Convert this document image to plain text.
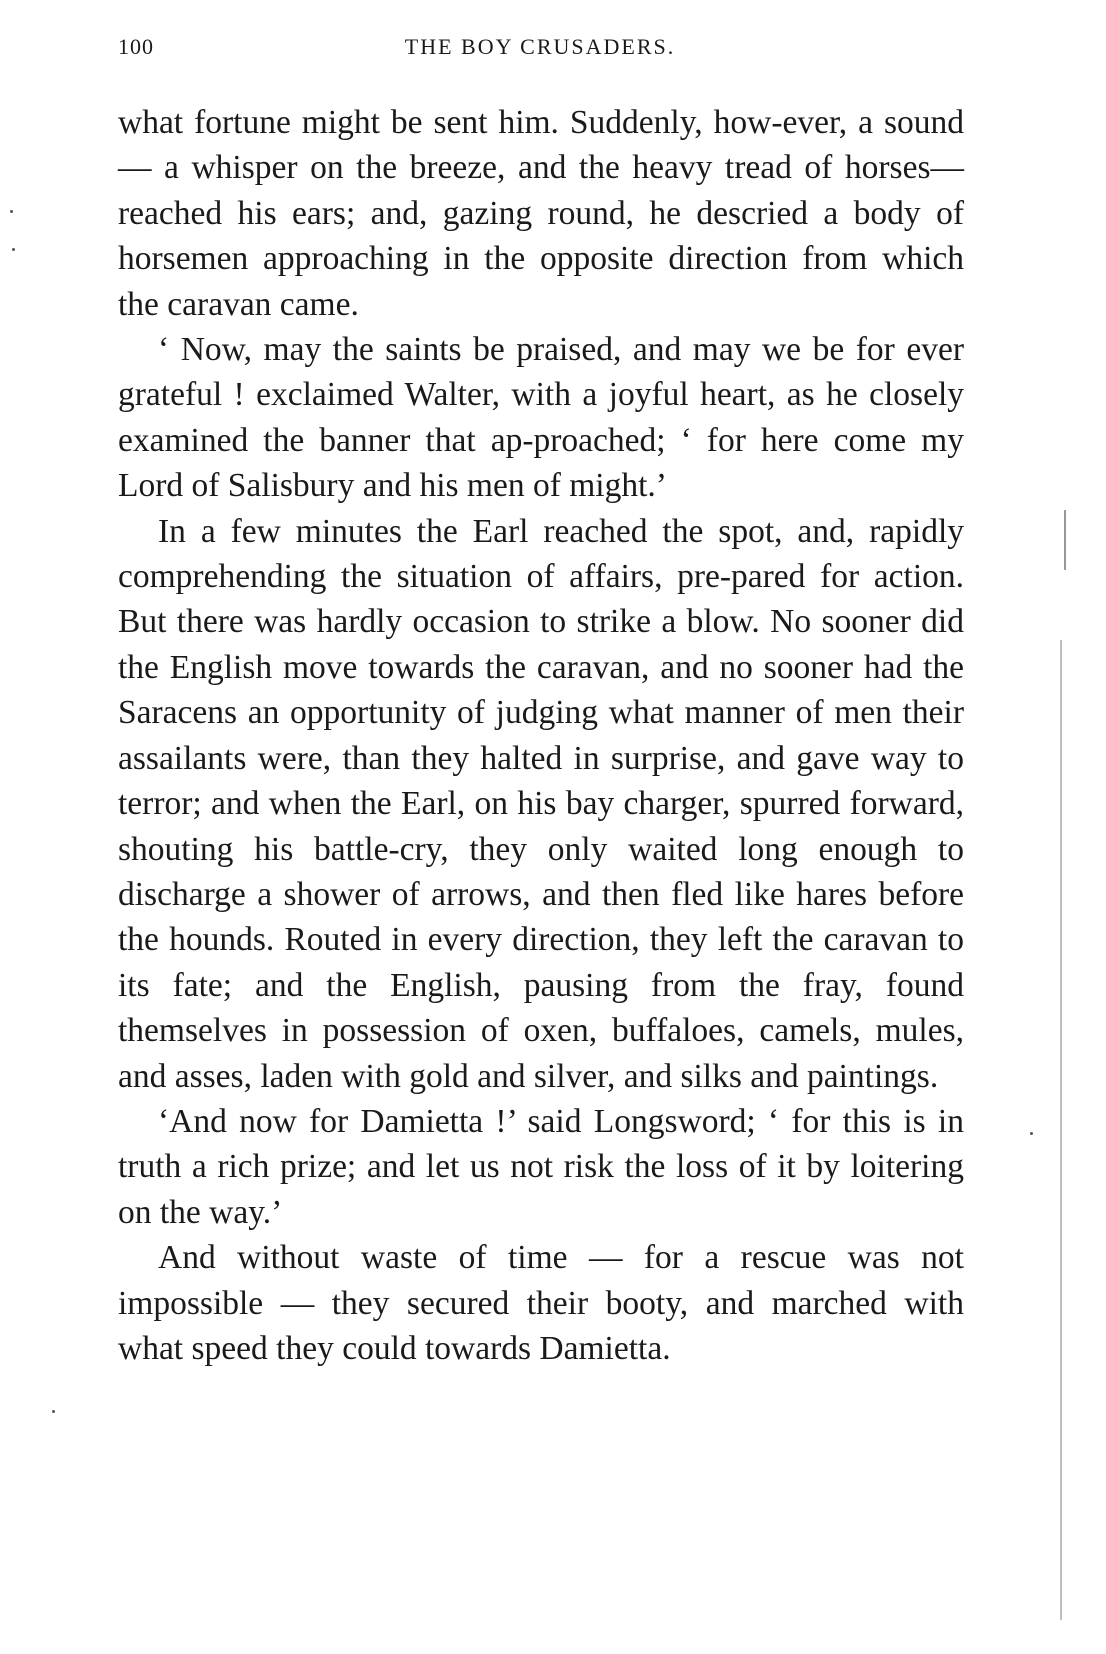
100	THE BOY CRUSADERS.

what fortune might be sent him. Suddenly, how-ever, a sound— a whisper on the breeze, and the heavy tread of horses—reached his ears; and, gazing round, he descried a body of horsemen approaching in the opposite direction from which the caravan came.

‘ Now, may the saints be praised, and may we be for ever grateful ! exclaimed Walter, with a joyful heart, as he closely examined the banner that ap-proached; ‘ for here come my Lord of Salisbury and his men of might.’

In a few minutes the Earl reached the spot, and, rapidly comprehending the situation of affairs, pre-pared for action. But there was hardly occasion to strike a blow. No sooner did the English move towards the caravan, and no sooner had the Saracens an opportunity of judging what manner of men their assailants were, than they halted in surprise, and gave way to terror; and when the Earl, on his bay charger, spurred forward, shouting his battle-cry, they only waited long enough to discharge a shower of arrows, and then fled like hares before the hounds. Routed in every direction, they left the caravan to its fate; and the English, pausing from the fray, found themselves in possession of oxen, buffaloes, camels, mules, and asses, laden with gold and silver, and silks and paintings.

‘And now for Damietta !’ said Longsword; ‘ for this is in truth a rich prize; and let us not risk the loss of it by loitering on the way.’

And without waste of time — for a rescue was not impossible — they secured their booty, and marched with what speed they could towards Damietta.
